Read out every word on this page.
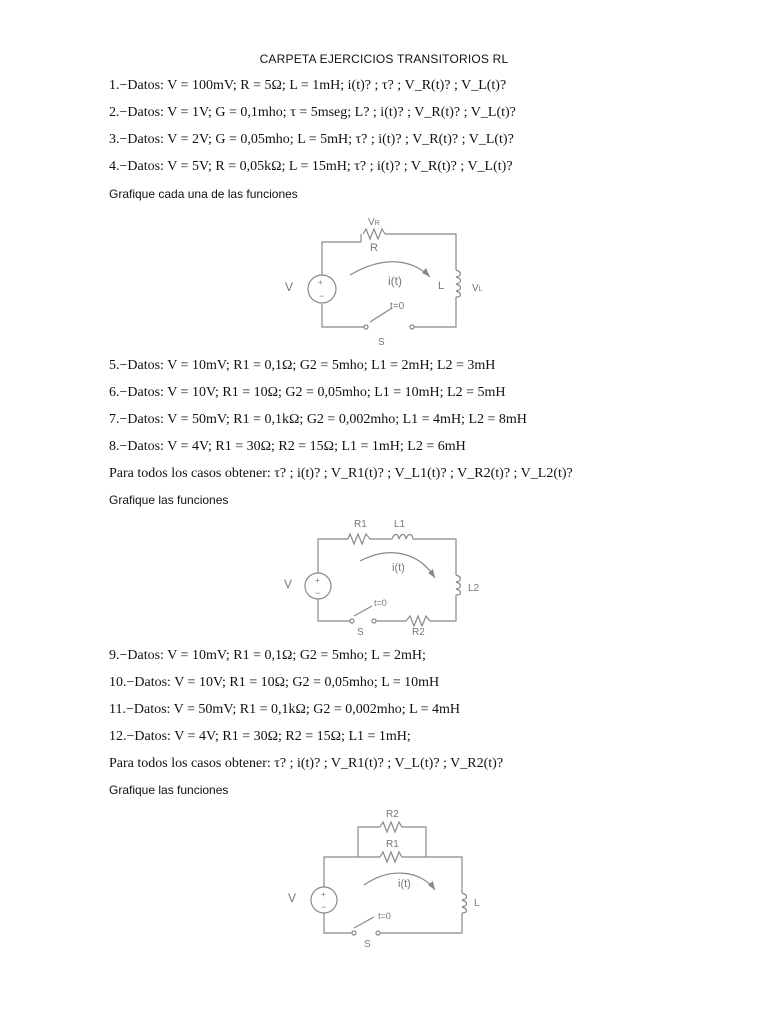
CARPETA EJERCICIOS TRANSITORIOS RL
1.−Datos: V = 100mV; R = 5Ω; L = 1mH; i(t)? ; τ? ; V_R(t)? ; V_L(t)?
2.−Datos: V = 1V; G = 0,1mho; τ = 5mseg; L? ; i(t)? ; V_R(t)? ; V_L(t)?
3.−Datos: V = 2V; G = 0,05mho; L = 5mH; τ? ; i(t)? ; V_R(t)? ; V_L(t)?
4.−Datos: V = 5V; R = 0,05kΩ; L = 15mH; τ? ; i(t)? ; V_R(t)? ; V_L(t)?
Grafique cada una de las funciones
VR
R
V	i(t)	L	VL
t=0
S
+
−
5.−Datos: V = 10mV; R1 = 0,1Ω; G2 = 5mho; L1 = 2mH; L2 = 3mH
6.−Datos: V = 10V; R1 = 10Ω; G2 = 0,05mho; L1 = 10mH; L2 = 5mH
7.−Datos: V = 50mV; R1 = 0,1kΩ; G2 = 0,002mho; L1 = 4mH; L2 = 8mH
8.−Datos: V = 4V; R1 = 30Ω; R2 = 15Ω; L1 = 1mH; L2 = 6mH
Para todos los casos obtener: τ? ; i(t)? ; V_R1(t)? ; V_L1(t)? ; V_R2(t)? ; V_L2(t)?
Grafique las funciones
R1	L1
V
i(t)
L2
t=0
S	R2
+
−
9.−Datos: V = 10mV; R1 = 0,1Ω; G2 = 5mho; L = 2mH;
10.−Datos: V = 10V; R1 = 10Ω; G2 = 0,05mho; L = 10mH
11.−Datos: V = 50mV; R1 = 0,1kΩ; G2 = 0,002mho; L = 4mH
12.−Datos: V = 4V; R1 = 30Ω; R2 = 15Ω; L1 = 1mH;
Para todos los casos obtener: τ? ; i(t)? ; V_R1(t)? ; V_L(t)? ; V_R2(t)?
Grafique las funciones
R2
R1
V
i(t)
L
t=0
S
+
−
